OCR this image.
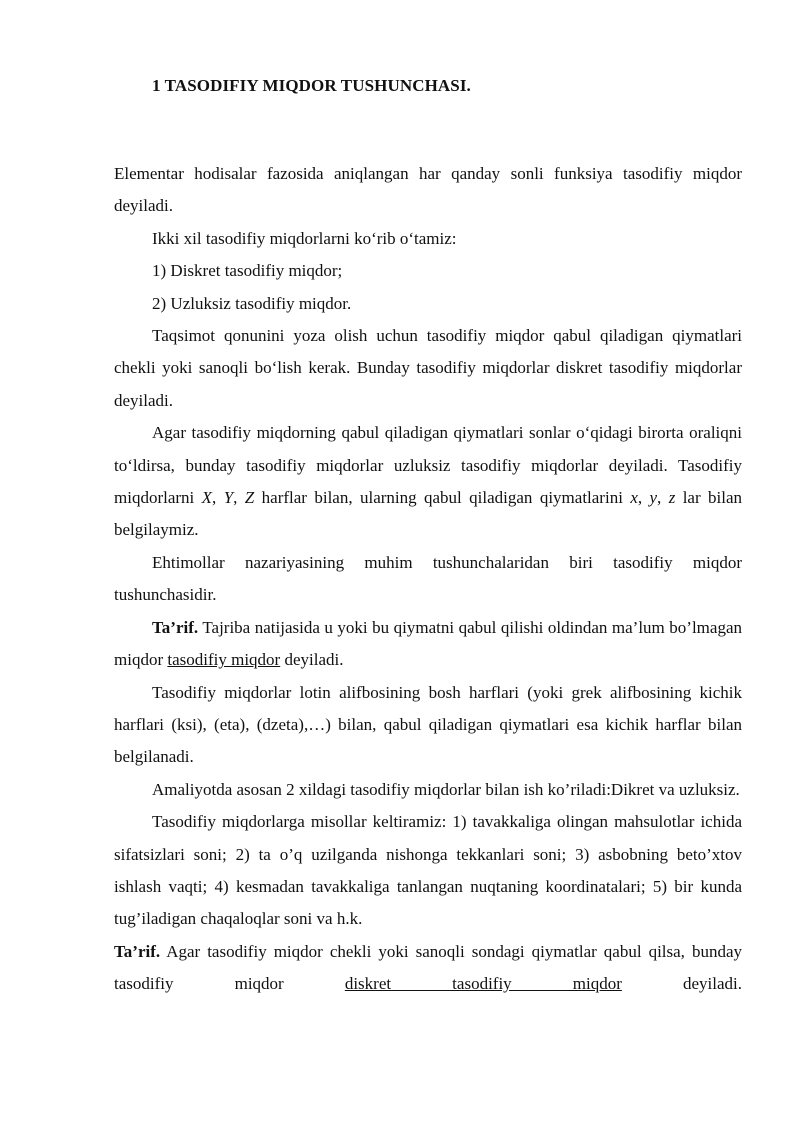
1 TASODIFIY MIQDOR TUSHUNCHASI.

Elementar hodisalar fazosida aniqlangan har qanday sonli funksiya tasodifiy miqdor deyiladi.

Ikki xil tasodifiy miqdorlarni ko‘rib o‘tamiz:

1) Diskret tasodifiy miqdor;

2) Uzluksiz tasodifiy miqdor.

Taqsimot qonunini yoza olish uchun tasodifiy miqdor qabul qiladigan qiymatlari chekli yoki sanoqli bo‘lish kerak. Bunday tasodifiy miqdorlar diskret tasodifiy miqdorlar deyiladi.

Agar tasodifiy miqdorning qabul qiladigan qiymatlari sonlar o‘qidagi birorta oraliqni to‘ldirsa, bunday tasodifiy miqdorlar uzluksiz tasodifiy miqdorlar deyiladi. Tasodifiy miqdorlarni X, Y, Z harflar bilan, ularning qabul qiladigan qiymatlarini x, y, z lar bilan belgilaymiz.

Ehtimollar nazariyasining muhim tushunchalaridan biri tasodifiy miqdor tushunchasidir.

Ta’rif. Tajriba natijasida u yoki bu qiymatni qabul qilishi oldindan ma’lum bo’lmagan miqdor tasodifiy miqdor deyiladi.

Tasodifiy miqdorlar lotin alifbosining bosh harflari (yoki grek alifbosining kichik harflari (ksi), (eta), (dzeta),…) bilan, qabul qiladigan qiymatlari esa kichik harflar bilan belgilanadi.

Amaliyotda asosan 2 xildagi tasodifiy miqdorlar bilan ish ko’riladi:Dikret va uzluksiz.

Tasodifiy miqdorlarga misollar keltiramiz: 1) tavakkaliga olingan mahsulotlar ichida sifatsizlari soni; 2) ta o’q uzilganda nishonga tekkanlari soni; 3) asbobning beto’xtov ishlash vaqti; 4) kesmadan tavakkaliga tanlangan nuqtaning koordinatalari; 5) bir kunda tug’iladigan chaqaloqlar soni va h.k.

Ta’rif. Agar tasodifiy miqdor chekli yoki sanoqli sondagi qiymatlar qabul qilsa, bunday tasodifiy miqdor diskret tasodifiy miqdor deyiladi.
